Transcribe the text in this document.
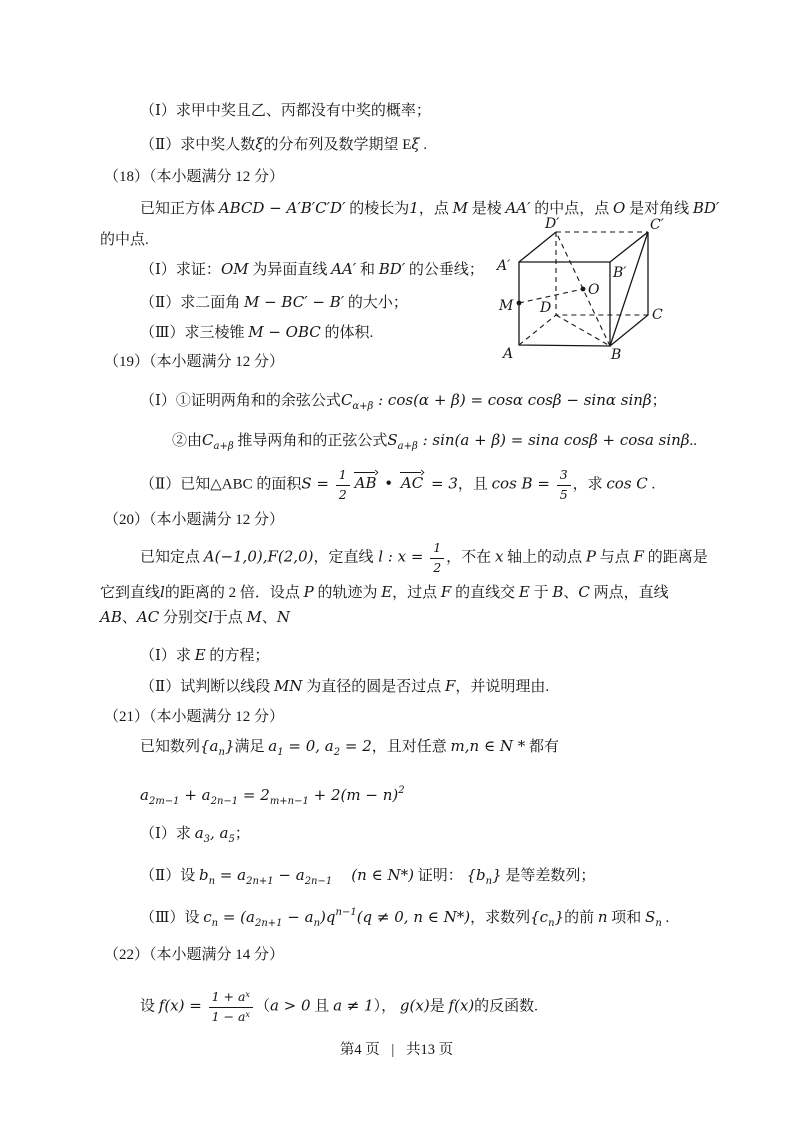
（Ⅰ）求甲中奖且乙、丙都没有中奖的概率；
（Ⅱ）求中奖人数ξ的分布列及数学期望 Eξ .
（18）（本小题满分 12 分）
已知正方体 ABCD − A′B′C′D′ 的棱长为1，点 M 是棱 AA′ 的中点，点 O 是对角线 BD′
的中点.
（Ⅰ）求证：OM 为异面直线 AA′ 和 BD′ 的公垂线；
（Ⅱ）求二面角 M − BC′ − B′ 的大小；
（Ⅲ）求三棱锥 M − OBC 的体积.
（19）（本小题满分 12 分）
（Ⅰ）①证明两角和的余弦公式$C_{\alpha+\beta}$ : cos(α + β) = cosα cosβ − sinα sinβ；
②由$C_{a+\beta}$ 推导两角和的正弦公式$S_{a+\beta}$ : sin(a + β) = sina cosβ + cosa sinβ..
（Ⅱ）已知△ABC 的面积$S = \frac{1}{2}$ AB • AC = 3，且 $\cos B = \frac{3}{5}$ ，求 cos C .
（20）（本小题满分 12 分）
已知定点 A(−1,0),F(2,0)，定直线 l : $x = \frac{1}{2}$ ，不在 x 轴上的动点 P 与点 F 的距离是
它到直线l的距离的 2 倍．设点 P 的轨迹为 E，过点 F 的直线交 E 于 B、C 两点，直线
AB、AC 分别交l于点 M、N
（Ⅰ）求 E 的方程；
（Ⅱ）试判断以线段 MN 为直径的圆是否过点 F，并说明理由.
（21）（本小题满分 12 分）
已知数列$\{a_n\}$满足 $a_1 = 0$, $a_2 = 2$，且对任意 m,n ∈ N * 都有
$a_{2m-1} + a_{2n-1} = 2_{m+n-1} + 2(m - n)^2$
（Ⅰ）求 $a_3$, $a_5$；
（Ⅱ）设 $b_n = a_{2n+1} - a_{2n-1}$    (n ∈ N*) 证明： $\{b_n\}$ 是等差数列；
（Ⅲ）设 $c_n = (a_{2n+1} - a_n)q^{n-1}(q \ne 0$, n ∈ N*)，求数列$\{c_n\}$的前 n 项和 $S_n$ .
（22）（本小题满分 14 分）
设 $f(x) = \frac{1 + a^x}{1 - a^x} (a > 0$ 且 a ≠ 1）， g(x)是 f(x)的反函数.
D′	C′
A′	B′
O
M D	C
A	B
第4 页 | 共13 页
